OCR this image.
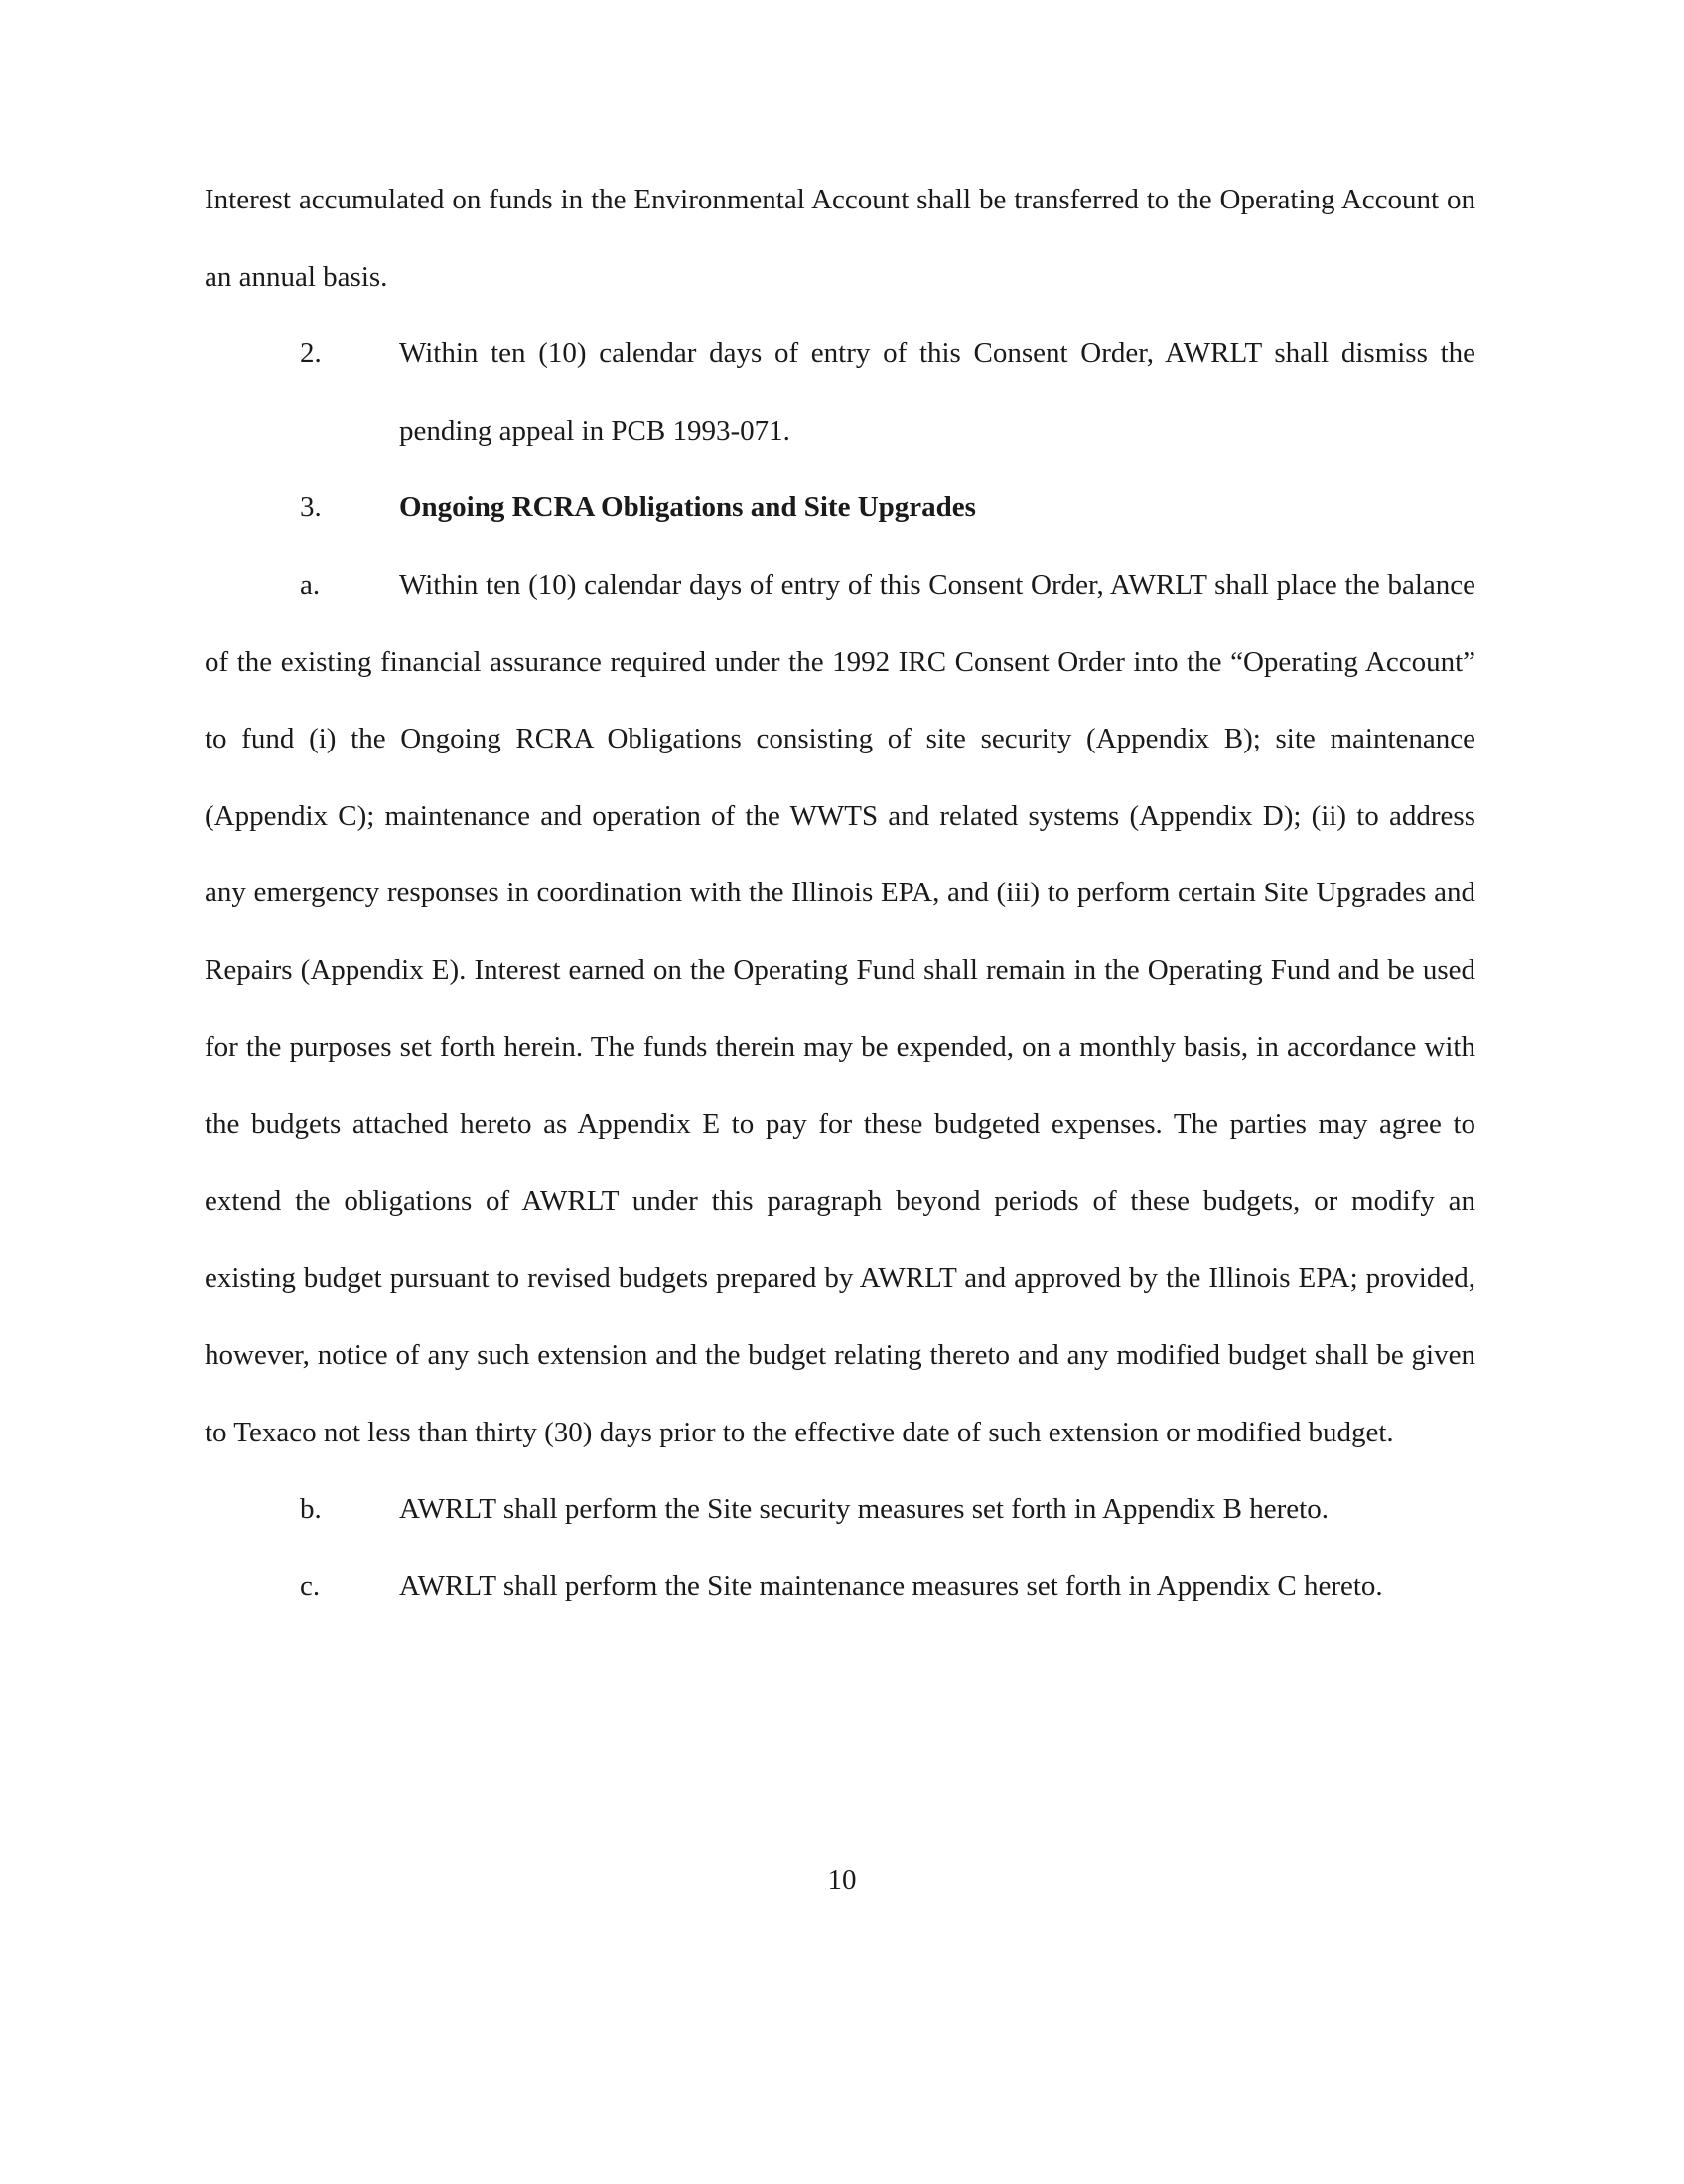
Interest accumulated on funds in the Environmental Account shall be transferred to the Operating Account on an annual basis.

2.	Within ten (10) calendar days of entry of this Consent Order, AWRLT shall dismiss the pending appeal in PCB 1993-071.
3.	Ongoing RCRA Obligations and Site Upgrades

a.	Within ten (10) calendar days of entry of this Consent Order, AWRLT shall place the balance of the existing financial assurance required under the 1992 IRC Consent Order into the “Operating Account” to fund (i) the Ongoing RCRA Obligations consisting of site security (Appendix B); site maintenance (Appendix C); maintenance and operation of the WWTS and related systems (Appendix D); (ii) to address any emergency responses in coordination with the Illinois EPA, and (iii) to perform certain Site Upgrades and Repairs (Appendix E). Interest earned on the Operating Fund shall remain in the Operating Fund and be used for the purposes set forth herein. The funds therein may be expended, on a monthly basis, in accordance with the budgets attached hereto as Appendix E to pay for these budgeted expenses. The parties may agree to extend the obligations of AWRLT under this paragraph beyond periods of these budgets, or modify an existing budget pursuant to revised budgets prepared by AWRLT and approved by the Illinois EPA; provided, however, notice of any such extension and the budget relating thereto and any modified budget shall be given to Texaco not less than thirty (30) days prior to the effective date of such extension or modified budget.

b.	AWRLT shall perform the Site security measures set forth in Appendix B hereto.
c.	AWRLT shall perform the Site maintenance measures set forth in Appendix C hereto.
10
